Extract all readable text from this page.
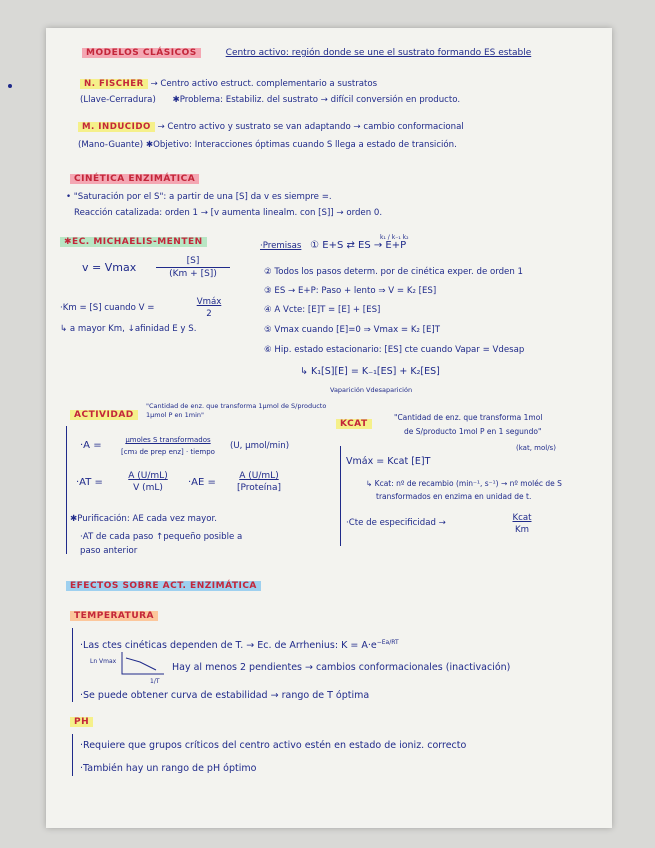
MODELOS CLÁSICOS	Centro activo: región donde se une el sustrato formando ES estable
N. FISCHER → Centro activo estruct. complementario a sustratos
(Llave-Cerradura) ✱Problema: Estabiliz. del sustrato → difícil conversión en producto.
M. INDUCIDO → Centro activo y sustrato se van adaptando → cambio conformacional
(Mano-Guante) ✱Objetivo: Interacciones óptimas cuando S llega a estado de transición.
CINÉTICA ENZIMÁTICA
• "Saturación por el S": a partir de una [S] da v es siempre =.
Reacción catalizada: orden 1 → [v aumenta linealm. con [S]] → orden 0.
✱EC. MICHAELIS-MENTEN
v = Vmax $\frac{[S]}{(Km + [S])}$
·Km = [S] cuando V =
Vmáx
2
↳ a mayor Km, ↓afinidad E y S.
·Premisas ① E+S ⇄ ES → E+P
k₁ / k₋₁ k₂
② Todos los pasos determ. por de cinética exper. de orden 1
③ ES → E+P: Paso + lento ⇒ V = K₂ [ES]
④ A Vcte: [E]T = [E] + [ES]
⑤ Vmax cuando [E]=0 ⇒ Vmax = K₂ [E]T
⑥ Hip. estado estacionario: [ES] cte cuando Vapar = Vdesap
↳ K₁[S][E] = K₋₁[ES] + K₂[ES]
Vaparición Vdesaparición
ACTIVIDAD
"Cantidad de enz. que transforma 1µmol de S/producto 1µmol P en 1min"
·A =	µmoles S transformados
[cm₃ de prep enz] · tiempo
(U, µmol/min)
$\cdot AT = \frac{A (U/mL)}{V (mL)} \cdot AE$ =
A (U/mL)
[Proteína]
✱Purificación: AE cada vez mayor.
·AT de cada paso ↑pequeño posible a
paso anterior
KCAT
"Cantidad de enz. que transforma 1mol
de S/producto 1mol P en 1 segundo"
(kat, mol/s)
Vmáx = Kcat [E]T
↳ Kcat: nº de recambio (min⁻¹, s⁻¹) → nº moléc de S
transformados en enzima en unidad de t.
·Cte de especificidad →	Kcat
Km
EFECTOS SOBRE ACT. ENZIMÁTICA
TEMPERATURA
·Las ctes cinéticas dependen de T. → Ec. de Arrhenius: $K = A\cdot e^{-Ea/RT}$
Ln Vmax
1/T
Hay al menos 2 pendientes → cambios conformacionales (inactivación)
·Se puede obtener curva de estabilidad → rango de T óptima
PH
·Requiere que grupos críticos del centro activo estén en estado de ioniz. correcto
·También hay un rango de pH óptimo
